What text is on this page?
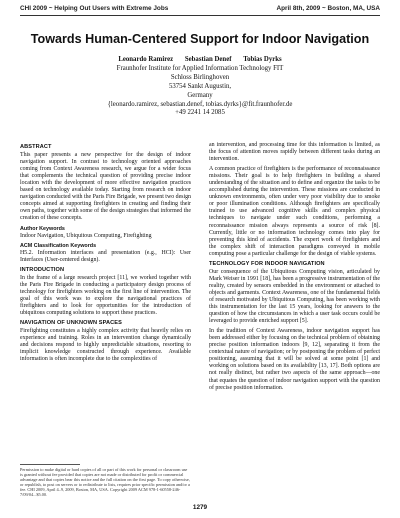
CHI 2009 ~ Helping Out Users with Extreme Jobs	April 8th, 2009 ~ Boston, MA, USA
Towards Human-Centered Support for Indoor Navigation
Leonardo Ramirez Sebastian Denef Tobias Dyrks
Fraunhofer Institute for Applied Information Technology FIT
Schloss Birlinghoven
53754 Sankt Augustin,
Germany
{leonardo.ramirez, sebastian.denef, tobias.dyrks}@fit.fraunhofer.de
+49 2241 14 2085
ABSTRACT

This paper presents a new perspective for the design of indoor navigation support. In contrast to technology oriented approaches coming from Context Awareness research, we argue for a wider focus that complements the technical question of providing precise indoor location with the development of more effective navigation practices based on technology available today. Starting from research on indoor navigation conducted with the Paris Fire Brigade, we present two design concepts aimed at supporting firefighters in creating and finding their own paths, together with some of the design strategies that informed the creation of these concepts.

Author Keywords

Indoor Navigation, Ubiquitous Computing, Firefighting

ACM Classification Keywords

H5.2. Information interfaces and presentation (e.g., HCI): User Interfaces (User-centered design).

INTRODUCTION

In the frame of a large research project [11], we worked together with the Paris Fire Brigade in conducting a participatory design process of technology for firefighters working on the first line of intervention. The goal of this work was to explore the navigational practices of firefighters and to look for opportunities for the introduction of ubiquitous computing solutions to support these practices.

NAVIGATION OF UNKNOWN SPACES

Firefighting constitutes a highly complex activity that heavily relies on experience and training. Roles in an intervention change dynamically and decisions respond to highly unpredictable situations, resorting to implicit knowledge constructed through experience. Available information is often incomplete due to the complexities of

Permission to make digital or hard copies of all or part of this work for personal or classroom use is granted without fee provided that copies are not made or distributed for profit or commercial advantage and that copies bear this notice and the full citation on the first page. To copy otherwise, or republish, to post on servers or to redistribute to lists, requires prior specific permission and/or a fee. CHI 2009, April 4–9, 2009, Boston, MA, USA. Copyright 2009 ACM 978-1-60558-246-7/09/04...$5.00.

an intervention, and processing time for this information is limited, as the focus of attention moves rapidly between different tasks during an intervention.

A common practice of firefighters is the performance of reconnaissance missions. Their goal is to help firefighters in building a shared understanding of the situation and to define and organize the tasks to be accomplished during the intervention. These missions are conducted in unknown environments, often under very poor visibility due to smoke or poor illumination conditions. Although firefighters are specifically trained to use advanced cognitive skills and complex physical techniques to navigate under such conditions, performing a reconnaissance mission always represents a source of risk [8]. Currently, little or no information technology comes into play for preventing this kind of accidents. The expert work of firefighters and the complex shift of interaction paradigms conveyed in mobile computing pose a particular challenge for the design of viable systems.

TECHNOLOGY FOR INDOOR NAVIGATION

Our consequence of the Ubiquitous Computing vision, articulated by Mark Weiser in 1991 [18], has been a progressive instrumentation of the reality, created by sensors embedded in the environment or attached to objects and garments. Context Awareness, one of the fundamental fields of research motivated by Ubiquitous Computing, has been working with this instrumentation for the last 15 years, looking for answers to the question of how the circumstances in which a user task occurs could be leveraged to provide enriched support [5].

In the tradition of Context Awareness, indoor navigation support has been addressed either by focusing on the technical problem of obtaining precise position information indoors [9, 12], separating it from the contextual nature of navigation; or by postponing the problem of perfect positioning, assuming that it will be solved at some point [1] and working on solutions based on its availability [13, 17]. Both options are not really distinct, but rather two aspects of the same approach—one that equates the question of indoor navigation support with the question of precise position information.

1279
